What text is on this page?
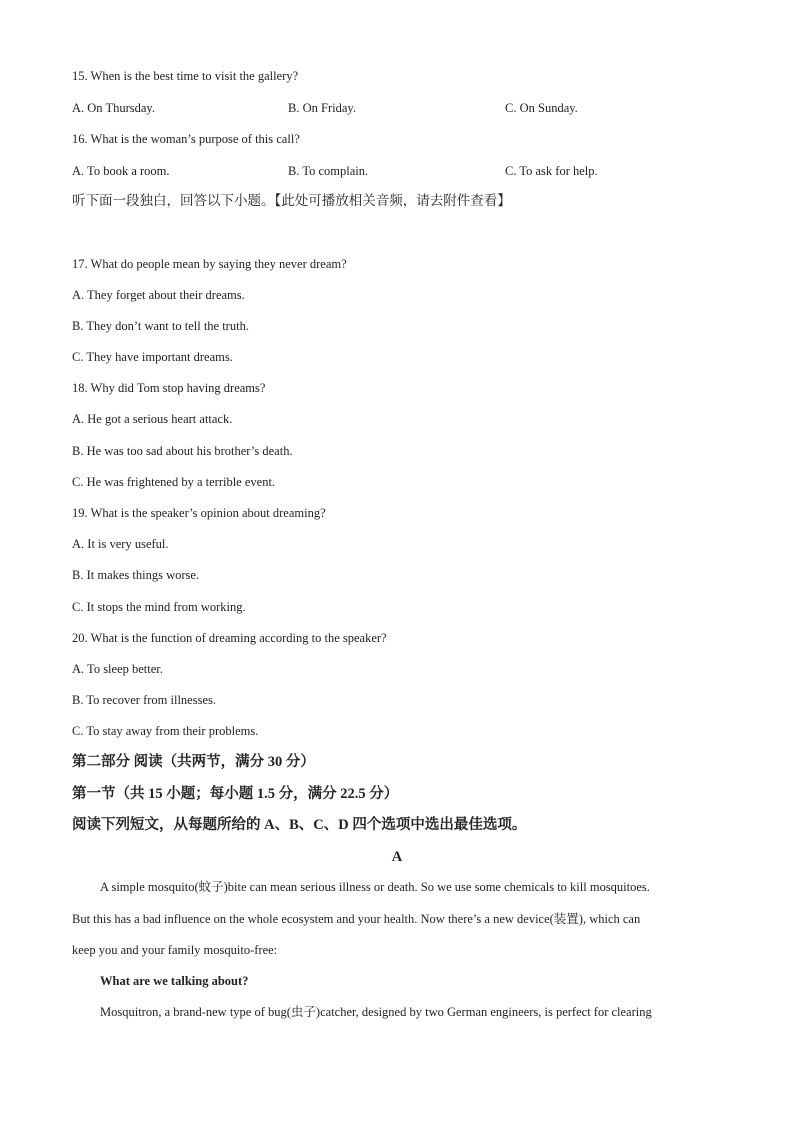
15. When is the best time to visit the gallery?
A. On Thursday.	B. On Friday.	C. On Sunday.
16. What is the woman’s purpose of this call?
A. To book a room.	B. To complain.	C. To ask for help.
听下面一段独白，回答以下小题。【此处可播放相关音频，请去附件查看】
17. What do people mean by saying they never dream?
A. They forget about their dreams.
B. They don’t want to tell the truth.
C. They have important dreams.
18. Why did Tom stop having dreams?
A. He got a serious heart attack.
B. He was too sad about his brother’s death.
C. He was frightened by a terrible event.
19. What is the speaker’s opinion about dreaming?
A. It is very useful.
B. It makes things worse.
C. It stops the mind from working.
20. What is the function of dreaming according to the speaker?
A. To sleep better.
B. To recover from illnesses.
C. To stay away from their problems.
第二部分 阅读（共两节，满分 30 分）
第一节（共 15 小题；每小题 1.5 分，满分 22.5 分）
阅读下列短文，从每题所给的 A、B、C、D 四个选项中选出最佳选项。
A
A simple mosquito(蚊子)bite can mean serious illness or death. So we use some chemicals to kill mosquitoes.
But this has a bad influence on the whole ecosystem and your health. Now there’s a new device(装置), which can
keep you and your family mosquito-free:
What are we talking about?
Mosquitron, a brand-new type of bug(虫子)catcher, designed by two German engineers, is perfect for clearing
